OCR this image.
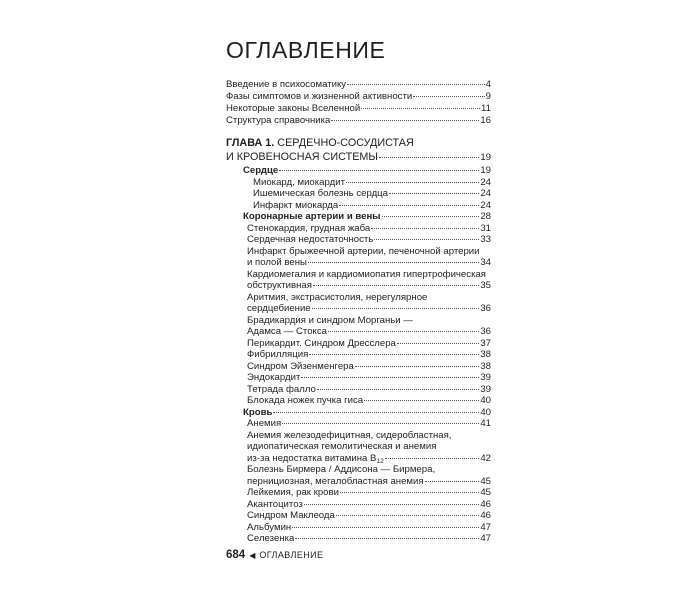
ОГЛАВЛЕНИЕ
Введение в психосоматику	4
Фазы симптомов и жизненной активности	9
Некоторые законы Вселенной	11
Структура справочника	16
ГЛАВА 1. СЕРДЕЧНО-СОСУДИСТАЯ
И КРОВЕНОСНАЯ СИСТЕМЫ	19
Сердце	19
Миокард, миокардит	24
Ишемическая болезнь сердца	24
Инфаркт миокарда	24
Коронарные артерии и вены	28
Стенокардия, грудная жаба	31
Сердечная недостаточность	33
Инфаркт брыжеечной артерии, печеночной артерии
и полой вены	34
Кардиомегалия и кардиомиопатия гипертрофическая
обструктивная	35
Аритмия, экстрасистолия, нерегулярное
сердцебиение	36
Брадикардия и синдром Морганьи —
Адамса — Стокса	36
Перикардит. Синдром Дресслера	37
Фибрилляция	38
Синдром Эйзенменгера	38
Эндокардит	39
Тетрада фалло	39
Блокада ножек пучка гиса	40
Кровь	40
Анемия	41
Анемия железодефицитная, сидеробластная,
идиопатическая гемолитическая и анемия
из-за недостатка витамина $B_{12}$	42
Болезнь Бирмера / Аддисона — Бирмера,
пернициозная, мегалобластная анемия	45
Лейкемия, рак крови	45
Акантоцитоз	46
Синдром Маклеода	46
Альбумин	47
Селезенка	47
684 ◀ ОГЛАВЛЕНИЕ
